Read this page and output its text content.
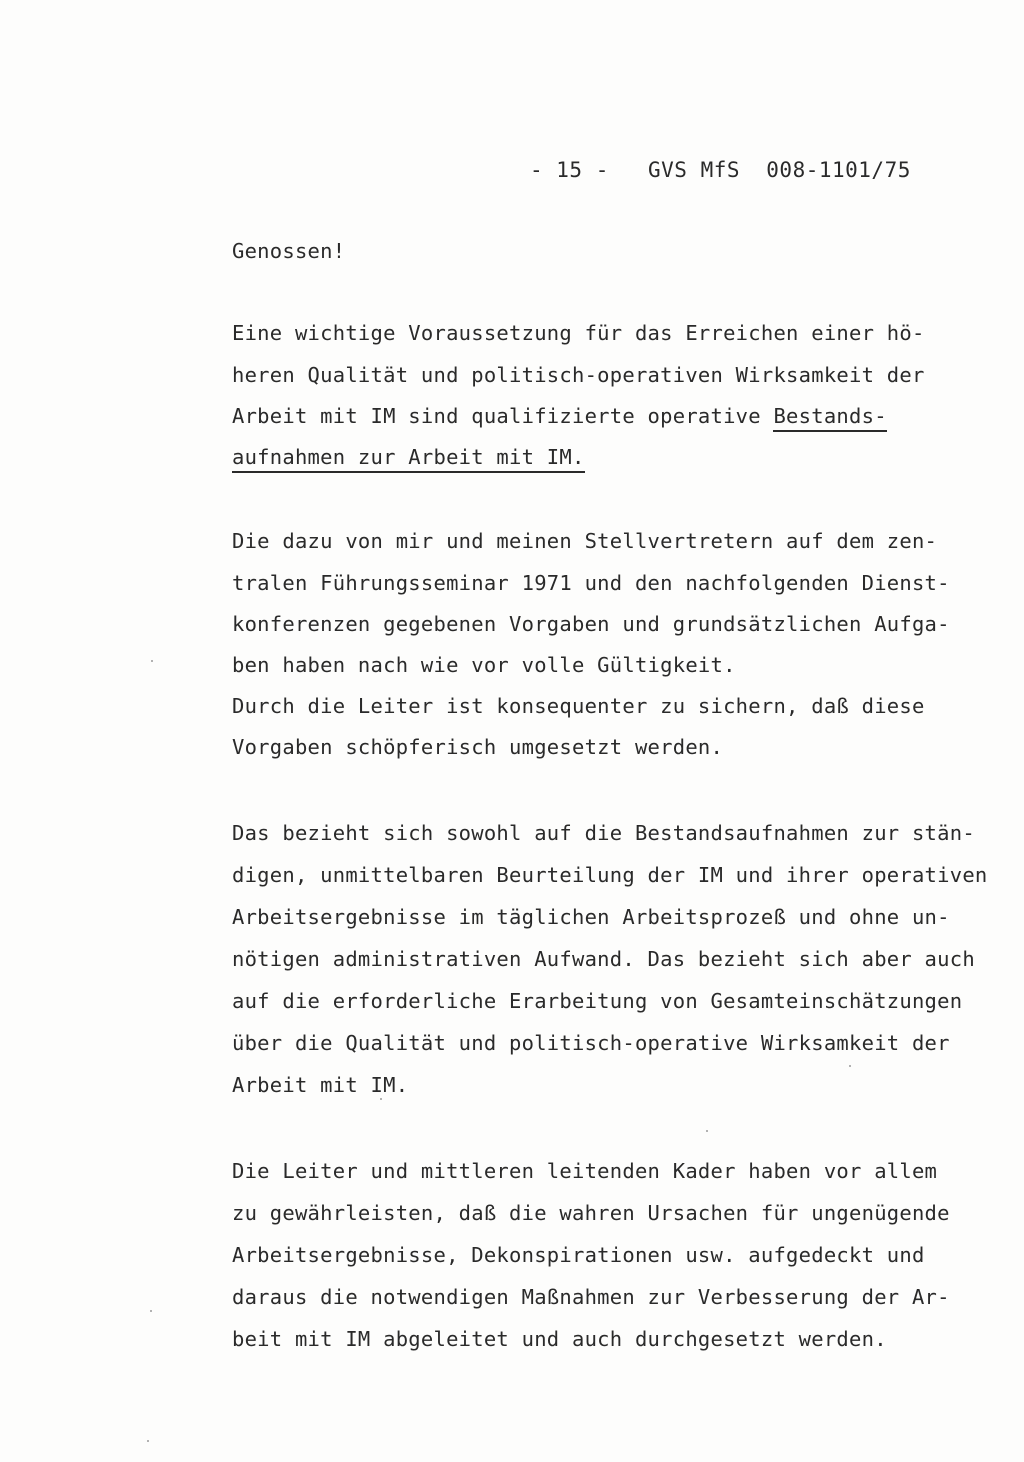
- 15 - GVS MfS  008-1101/75
Genossen!
Eine wichtige Voraussetzung für das Erreichen einer hö-
heren Qualität und politisch-operativen Wirksamkeit der
Arbeit mit IM sind qualifizierte operative Bestands-
aufnahmen zur Arbeit mit IM.
Die dazu von mir und meinen Stellvertretern auf dem zen-
tralen Führungsseminar 1971 und den nachfolgenden Dienst-
konferenzen gegebenen Vorgaben und grundsätzlichen Aufga-
ben haben nach wie vor volle Gültigkeit.
Durch die Leiter ist konsequenter zu sichern, daß diese
Vorgaben schöpferisch umgesetzt werden.
Das bezieht sich sowohl auf die Bestandsaufnahmen zur stän-
digen, unmittelbaren Beurteilung der IM und ihrer operativen
Arbeitsergebnisse im täglichen Arbeitsprozeß und ohne un-
nötigen administrativen Aufwand. Das bezieht sich aber auch
auf die erforderliche Erarbeitung von Gesamteinschätzungen
über die Qualität und politisch-operative Wirksamkeit der
Arbeit mit IM.
Die Leiter und mittleren leitenden Kader haben vor allem
zu gewährleisten, daß die wahren Ursachen für ungenügende
Arbeitsergebnisse, Dekonspirationen usw. aufgedeckt und
daraus die notwendigen Maßnahmen zur Verbesserung der Ar-
beit mit IM abgeleitet und auch durchgesetzt werden.
